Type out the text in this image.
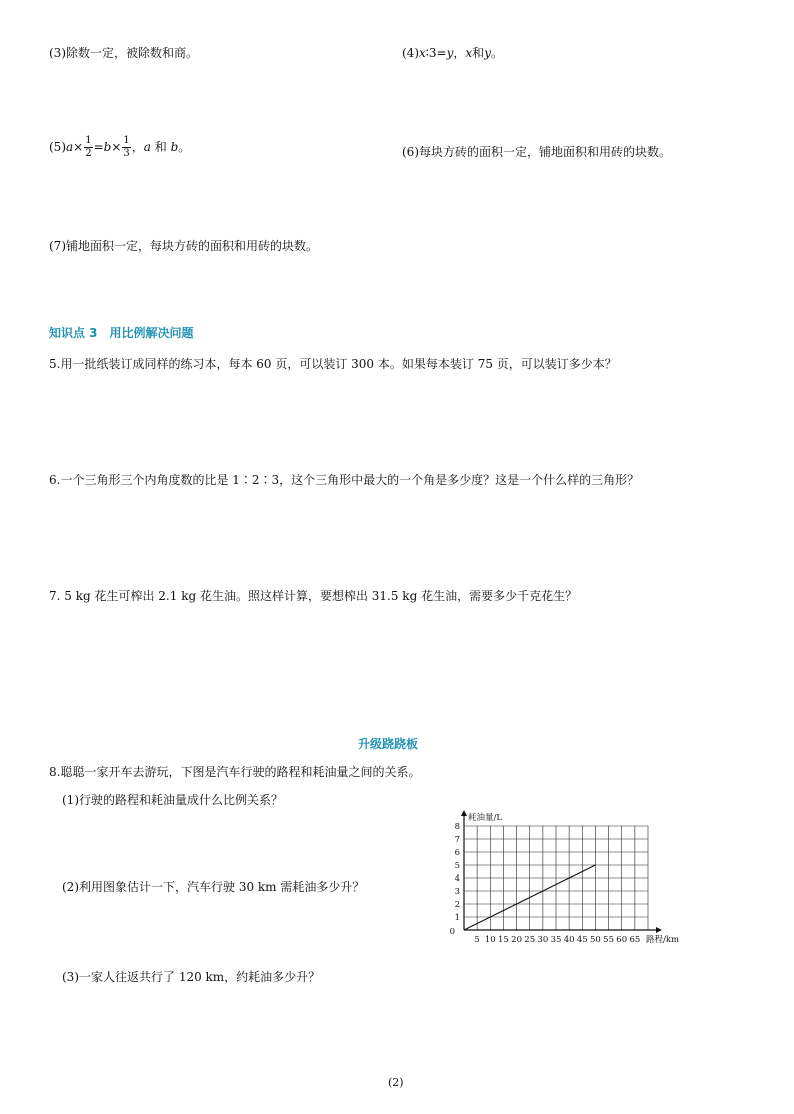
(3)除数一定，被除数和商。	(4)x∶3=y，x和y。
$(5)a\times \frac{1}{2} =b\times \frac{1}{3}$ ，a 和 b。	(6)每块方砖的面积一定，铺地面积和用砖的块数。
(7)铺地面积一定，每块方砖的面积和用砖的块数。
知识点 3　用比例解决问题
5.用一批纸装订成同样的练习本，每本 60 页，可以装订 300 本。如果每本装订 75 页，可以装订多少本？
6.一个三角形三个内角度数的比是 1∶2∶3，这个三角形中最大的一个角是多少度？这是一个什么样的三角形？
7. 5 kg 花生可榨出 2.1 kg 花生油。照这样计算，要想榨出 31.5 kg 花生油，需要多少千克花生？
升级跷跷板
8.聪聪一家开车去游玩，下图是汽车行驶的路程和耗油量之间的关系。
(1)行驶的路程和耗油量成什么比例关系？
(2)利用图象估计一下，汽车行驶 30 km 需耗油多少升？
(3)一家人往返共行了 120 km，约耗油多少升？
1
2
3
4
5
6
7
8
0
5 10 15 20 25 30 35 40 45 50 55 60 65
耗油量/L
路程/km
(2)
